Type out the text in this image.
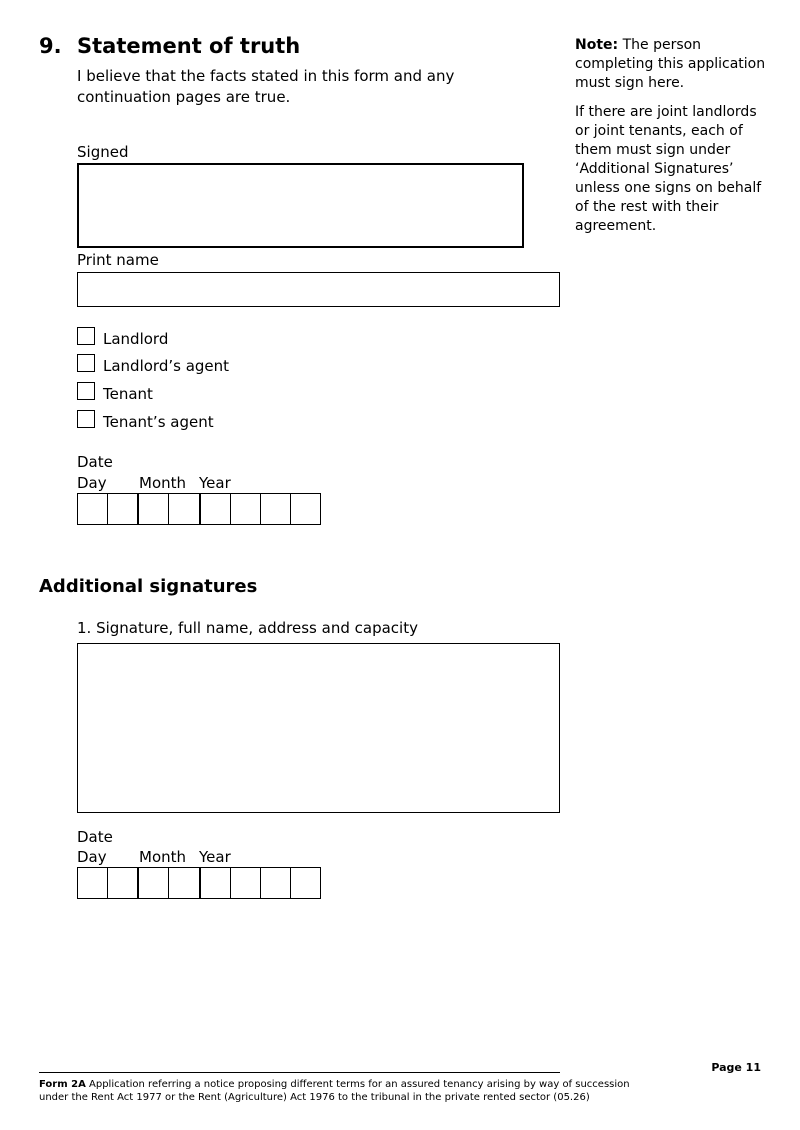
9. Statement of truth
I believe that the facts stated in this form and any continuation pages are true.
Signed
Print name
Landlord
Landlord’s agent
Tenant
Tenant’s agent
Date
Day Month Year
Additional signatures
1. Signature, full name, address and capacity
Date
Day Month Year

Note: The person completing this application must sign here.

If there are joint landlords or joint tenants, each of them must sign under ‘Additional Signatures’ unless one signs on behalf of the rest with their agreement.

Page 11
Form 2A Application referring a notice proposing different terms for an assured tenancy arising by way of succession under the Rent Act 1977 or the Rent (Agriculture) Act 1976 to the tribunal in the private rented sector (05.26)
